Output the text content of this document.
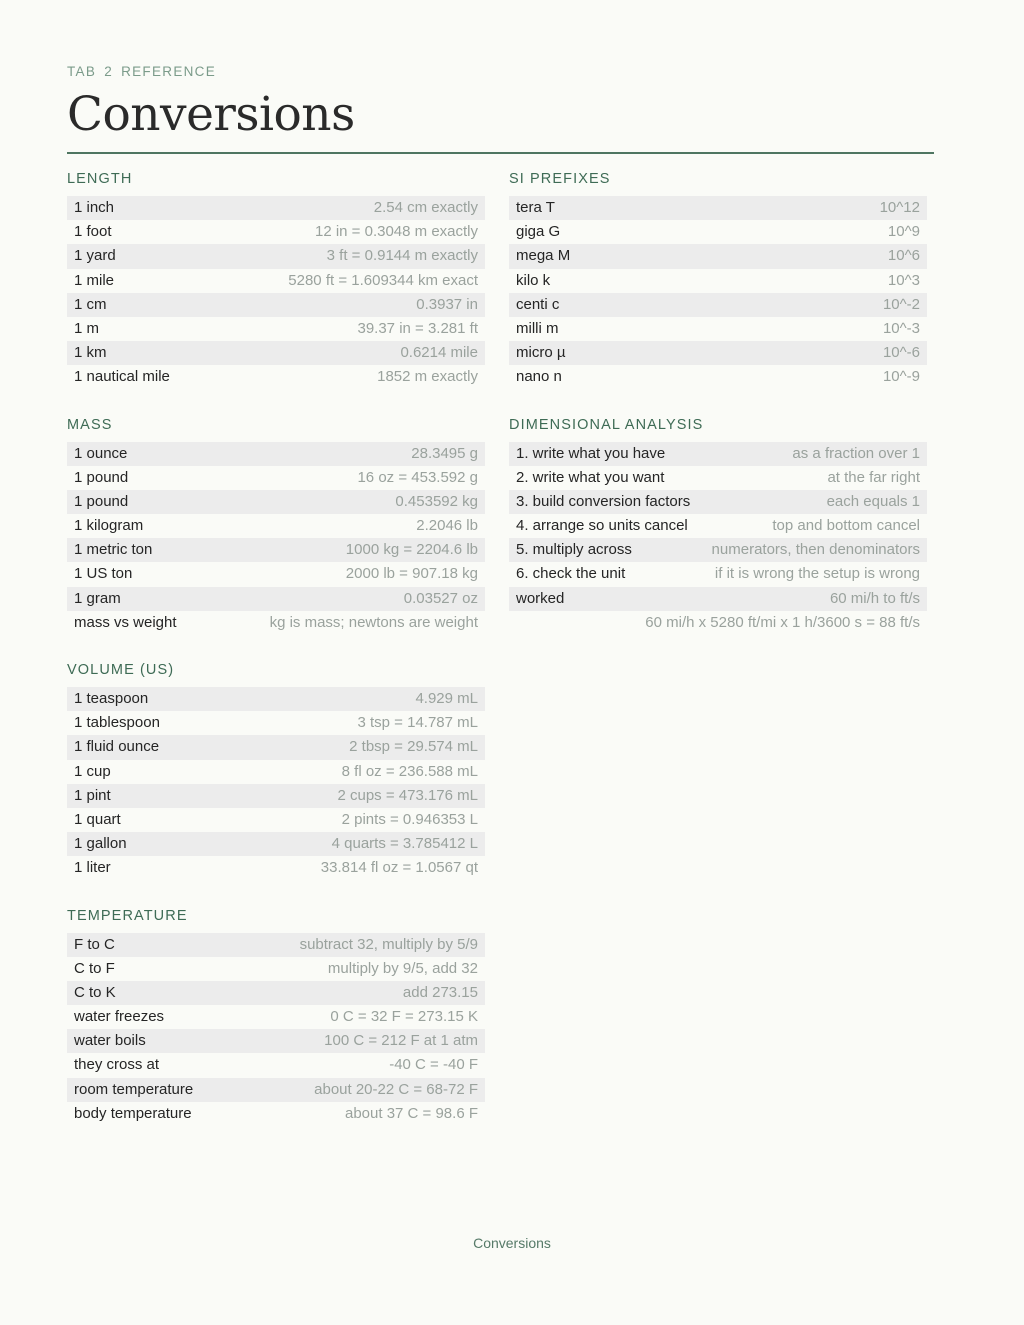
TAB 2 REFERENCE
Conversions
LENGTH
1 inch	2.54 cm exactly
1 foot	12 in = 0.3048 m exactly
1 yard	3 ft = 0.9144 m exactly
1 mile	5280 ft = 1.609344 km exact
1 cm	0.3937 in
1 m	39.37 in = 3.281 ft
1 km	0.6214 mile
1 nautical mile	1852 m exactly
MASS
1 ounce	28.3495 g
1 pound	16 oz = 453.592 g
1 pound	0.453592 kg
1 kilogram	2.2046 lb
1 metric ton	1000 kg = 2204.6 lb
1 US ton	2000 lb = 907.18 kg
1 gram	0.03527 oz
mass vs weight	kg is mass; newtons are weight
VOLUME (US)
1 teaspoon	4.929 mL
1 tablespoon	3 tsp = 14.787 mL
1 fluid ounce	2 tbsp = 29.574 mL
1 cup	8 fl oz = 236.588 mL
1 pint	2 cups = 473.176 mL
1 quart	2 pints = 0.946353 L
1 gallon	4 quarts = 3.785412 L
1 liter	33.814 fl oz = 1.0567 qt
TEMPERATURE
F to C	subtract 32, multiply by 5/9
C to F	multiply by 9/5, add 32
C to K	add 273.15
water freezes	0 C = 32 F = 273.15 K
water boils	100 C = 212 F at 1 atm
they cross at	-40 C = -40 F
room temperature	about 20-22 C = 68-72 F
body temperature	about 37 C = 98.6 F
SI PREFIXES
tera T	10^12
giga G	10^9
mega M	10^6
kilo k	10^3
centi c	10^-2
milli m	10^-3
micro µ	10^-6
nano n	10^-9
DIMENSIONAL ANALYSIS
1. write what you have	as a fraction over 1
2. write what you want	at the far right
3. build conversion factors	each equals 1
4. arrange so units cancel	top and bottom cancel
5. multiply across	numerators, then denominators
6. check the unit	if it is wrong the setup is wrong
worked	60 mi/h to ft/s
60 mi/h x 5280 ft/mi x 1 h/3600 s = 88 ft/s
Conversions
